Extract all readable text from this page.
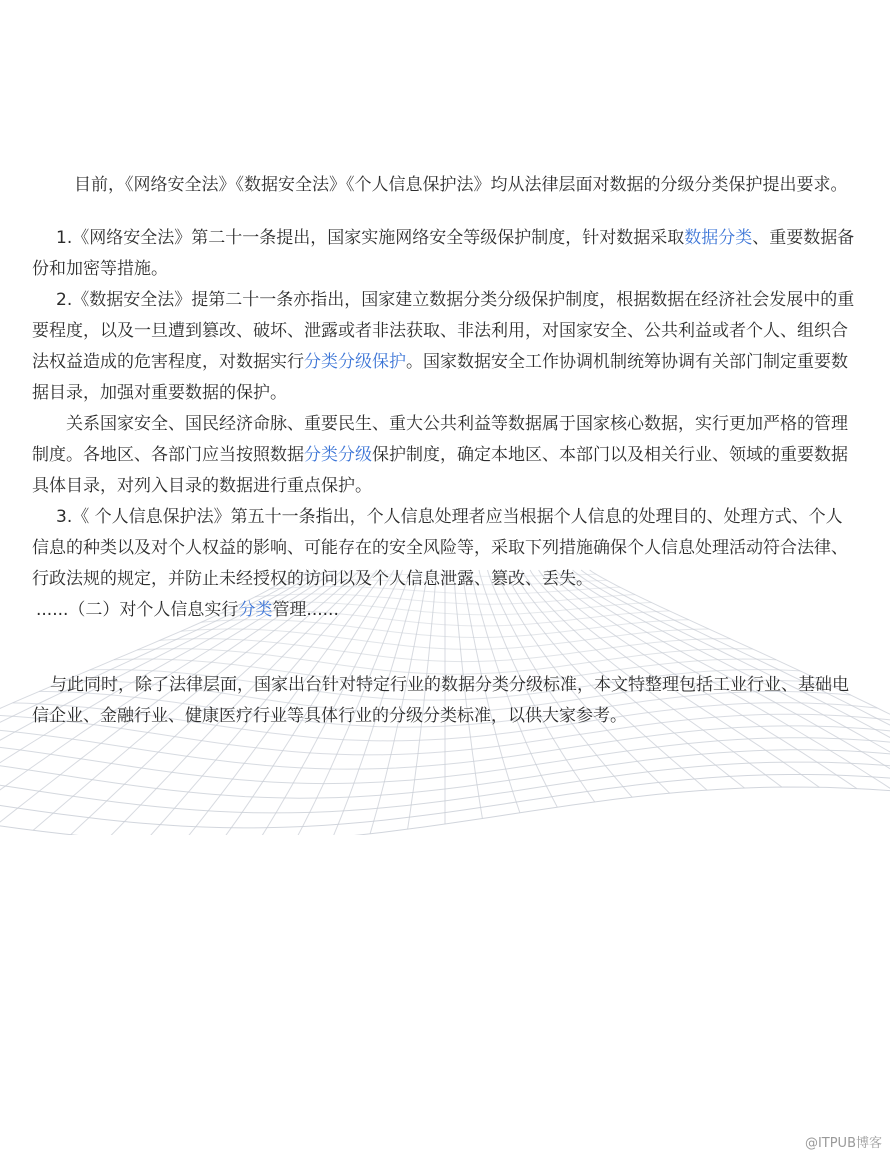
目前，《网络安全法》《数据安全法》《个人信息保护法》均从法律层面对数据的分级分类保护提出要求。

1.《网络安全法》第二十一条提出，国家实施网络安全等级保护制度，针对数据采取数据分类、重要数据备份和加密等措施。

2.《数据安全法》提第二十一条亦指出，国家建立数据分类分级保护制度，根据数据在经济社会发展中的重要程度，以及一旦遭到篡改、破坏、泄露或者非法获取、非法利用，对国家安全、公共利益或者个人、组织合法权益造成的危害程度，对数据实行分类分级保护。国家数据安全工作协调机制统筹协调有关部门制定重要数据目录，加强对重要数据的保护。

关系国家安全、国民经济命脉、重要民生、重大公共利益等数据属于国家核心数据，实行更加严格的管理制度。各地区、各部门应当按照数据分类分级保护制度，确定本地区、本部门以及相关行业、领域的重要数据具体目录，对列入目录的数据进行重点保护。

3.《 个人信息保护法》第五十一条指出，个人信息处理者应当根据个人信息的处理目的、处理方式、个人信息的种类以及对个人权益的影响、可能存在的安全风险等，采取下列措施确保个人信息处理活动符合法律、行政法规的规定，并防止未经授权的访问以及个人信息泄露、篡改、丢失。

......（二）对个人信息实行分类管理......

与此同时，除了法律层面，国家出台针对特定行业的数据分类分级标准，本文特整理包括工业行业、基础电信企业、金融行业、健康医疗行业等具体行业的分级分类标准，以供大家参考。

@ITPUB博客
